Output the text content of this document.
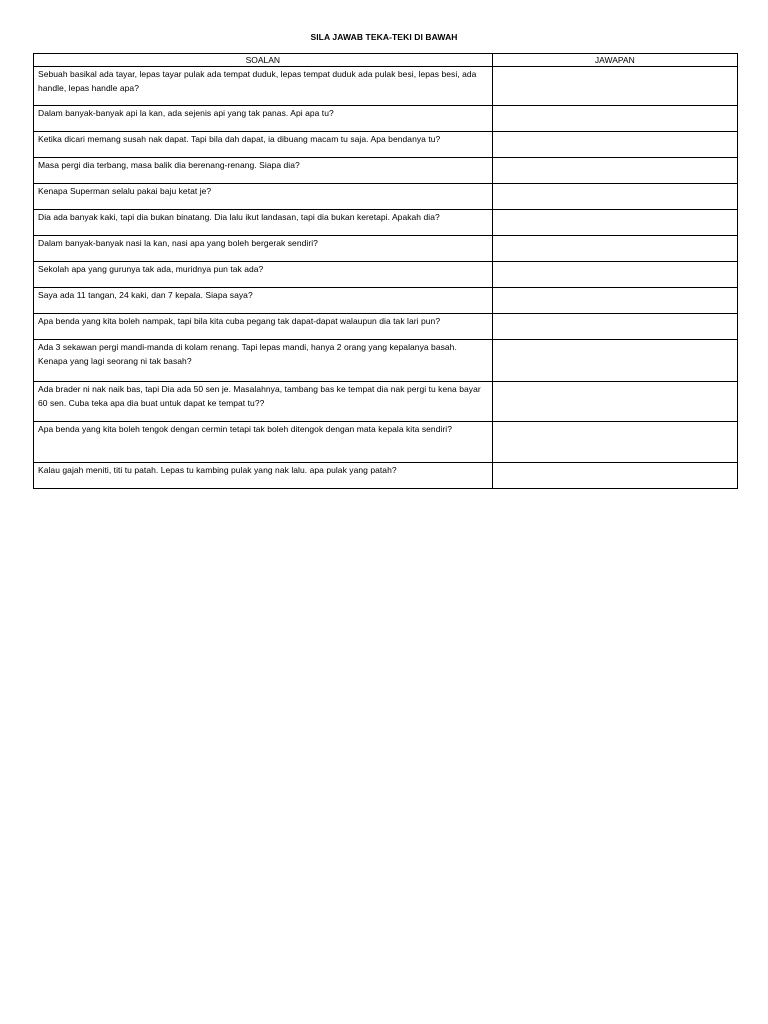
SILA JAWAB TEKA-TEKI DI BAWAH
SOALAN	JAWAPAN
Sebuah basikal ada tayar, lepas tayar pulak ada tempat duduk, lepas tempat duduk ada pulak besi, lepas besi, ada handle, lepas handle apa?	
Dalam banyak-banyak api la kan, ada sejenis api yang tak panas. Api apa tu?	
Ketika dicari memang susah nak dapat. Tapi bila dah dapat, ia dibuang macam tu saja. Apa bendanya tu?	
Masa pergi dia terbang, masa balik dia berenang-renang. Siapa dia?	
Kenapa Superman selalu pakai baju ketat je?	
Dia ada banyak kaki, tapi dia bukan binatang. Dia lalu ikut landasan, tapi dia bukan keretapi. Apakah dia?	
Dalam banyak-banyak nasi la kan, nasi apa yang boleh bergerak sendiri?	
Sekolah apa yang gurunya tak ada, muridnya pun tak ada?	
Saya ada 11 tangan, 24 kaki, dan 7 kepala. Siapa saya?	
Apa benda yang kita boleh nampak, tapi bila kita cuba pegang tak dapat-dapat walaupun dia tak lari pun?	
Ada 3 sekawan pergi mandi-manda di kolam renang. Tapi lepas mandi, hanya 2 orang yang kepalanya basah. Kenapa yang lagi seorang ni tak basah?	
Ada brader ni nak naik bas, tapi Dia ada 50 sen je. Masalahnya, tambang bas ke tempat dia nak pergi tu kena bayar 60 sen. Cuba teka apa dia buat untuk dapat ke tempat tu??	
Apa benda yang kita boleh tengok dengan cermin tetapi tak boleh ditengok dengan mata kepala kita sendiri?	
Kalau gajah meniti, titi tu patah. Lepas tu kambing pulak yang nak lalu. apa pulak yang patah?	
